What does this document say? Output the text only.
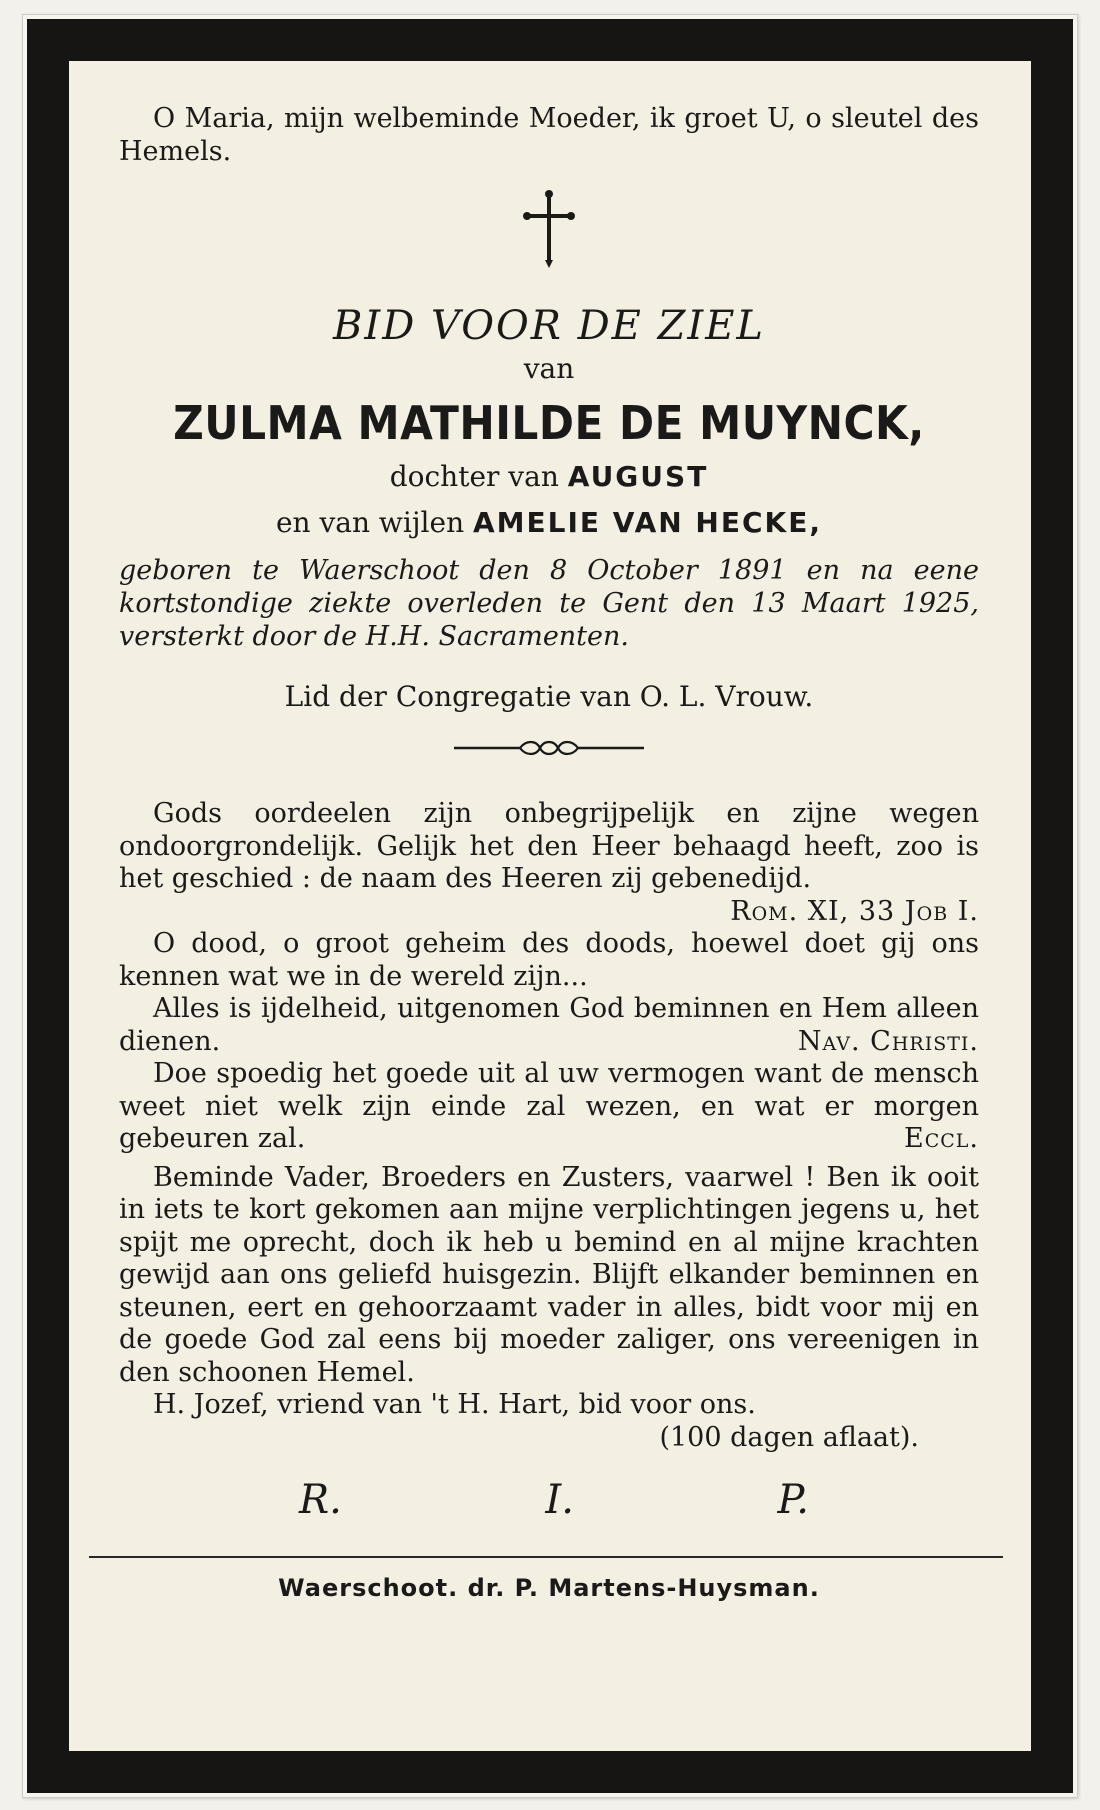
O Maria, mijn welbeminde Moeder, ik groet U, o sleutel des Hemels.

BID VOOR DE ZIEL
van
ZULMA MATHILDE DE MUYNCK,
dochter van AUGUST
en van wijlen AMELIE VAN HECKE,

geboren te Waerschoot den 8 October 1891 en na eene kortstondige ziekte overleden te Gent den 13 Maart 1925, versterkt door de H.H. Sacramenten.

Lid der Congregatie van O. L. Vrouw.

Gods oordeelen zijn onbegrijpelijk en zijne wegen ondoorgrondelijk. Gelijk het den Heer behaagd heeft, zoo is het geschied : de naam des Heeren zij gebenedijd.
Rom. XI, 33 Job I.

O dood, o groot geheim des doods, hoewel doet gij ons kennen wat we in de wereld zijn...

Alles is ijdelheid, uitgenomen God beminnen en Hem alleen dienen.	Nav. Christi.

Doe spoedig het goede uit al uw vermogen want de mensch weet niet welk zijn einde zal wezen, en wat er morgen gebeuren zal.	Eccl.

Beminde Vader, Broeders en Zusters, vaarwel ! Ben ik ooit in iets te kort gekomen aan mijne verplichtingen jegens u, het spijt me oprecht, doch ik heb u bemind en al mijne krachten gewijd aan ons geliefd huisgezin. Blijft elkander beminnen en steunen, eert en gehoorzaamt vader in alles, bidt voor mij en de goede God zal eens bij moeder zaliger, ons vereenigen in den schoonen Hemel.

H. Jozef, vriend van 't H. Hart, bid voor ons.

(100 dagen aflaat).
R.	I.	P.
Waerschoot. dr. P. Martens-Huysman.
